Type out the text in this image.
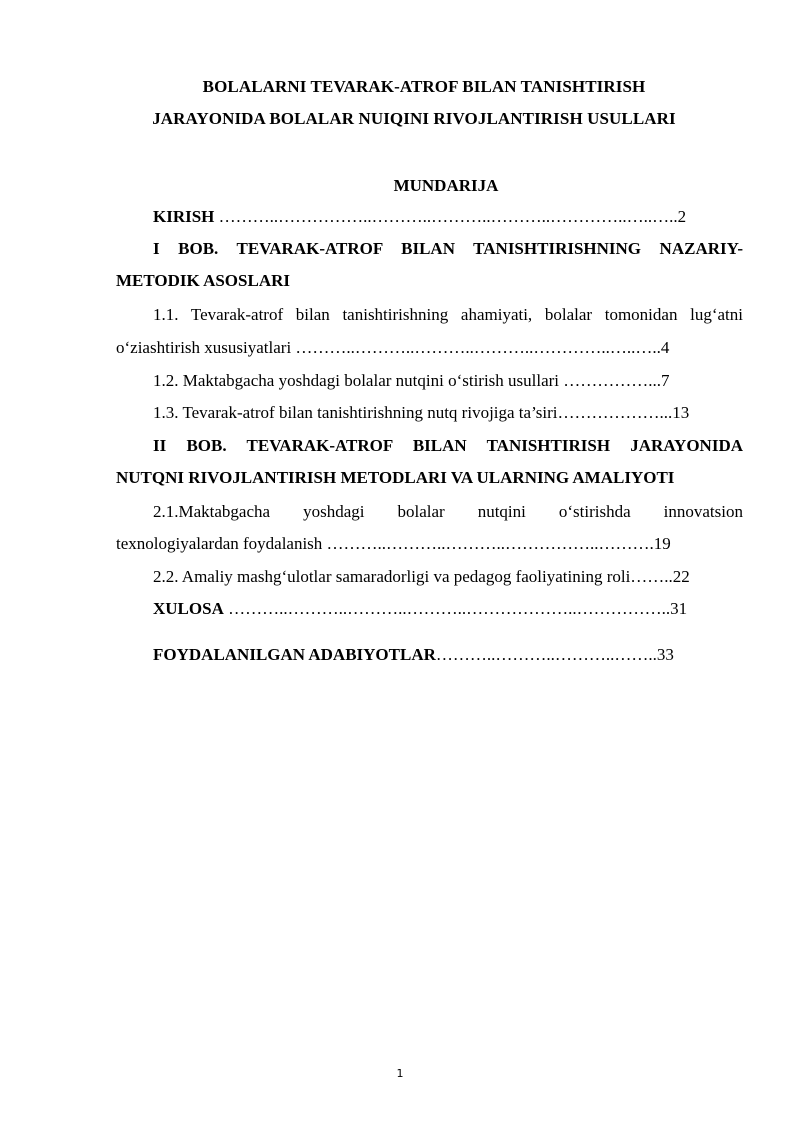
BOLALARNI TEVARAK-ATROF BILAN TANISHTIRISH
JARAYONIDA BOLALAR NUIQINI RIVOJLANTIRISH USULLARI
MUNDARIJA
KIRISH ………..……………..………..………..………..…………..…..…..2
I BOB. TEVARAK-ATROF BILAN TANISHTIRISHNING NAZARIY-
METODIK ASOSLARI
1.1. Tevarak-atrof bilan tanishtirishning ahamiyati, bolalar tomonidan lug‘atni
o‘ziashtirish xususiyatlari ………..………..………..………..…………..…..…..4
1.2. Maktabgacha yoshdagi bolalar nutqini o‘stirish usullari ……………...7
1.3. Tevarak-atrof bilan tanishtirishning nutq rivojiga ta’siri………………...13
II BOB. TEVARAK-ATROF BILAN TANISHTIRISH JARAYONIDA
NUTQNI RIVOJLANTIRISH METODLARI VA ULARNING AMALIYOTI
2.1.Maktabgacha yoshdagi bolalar nutqini o‘stirishda innovatsion
texnologiyalardan foydalanish ………..………..………..……………..……….19
2.2. Amaliy mashg‘ulotlar samaradorligi va pedagog faoliyatining roli……..22
XULOSA ………..………..………..………..………………..……………..31
FOYDALANILGAN ADABIYOTLAR………..………..………..……..33
1
